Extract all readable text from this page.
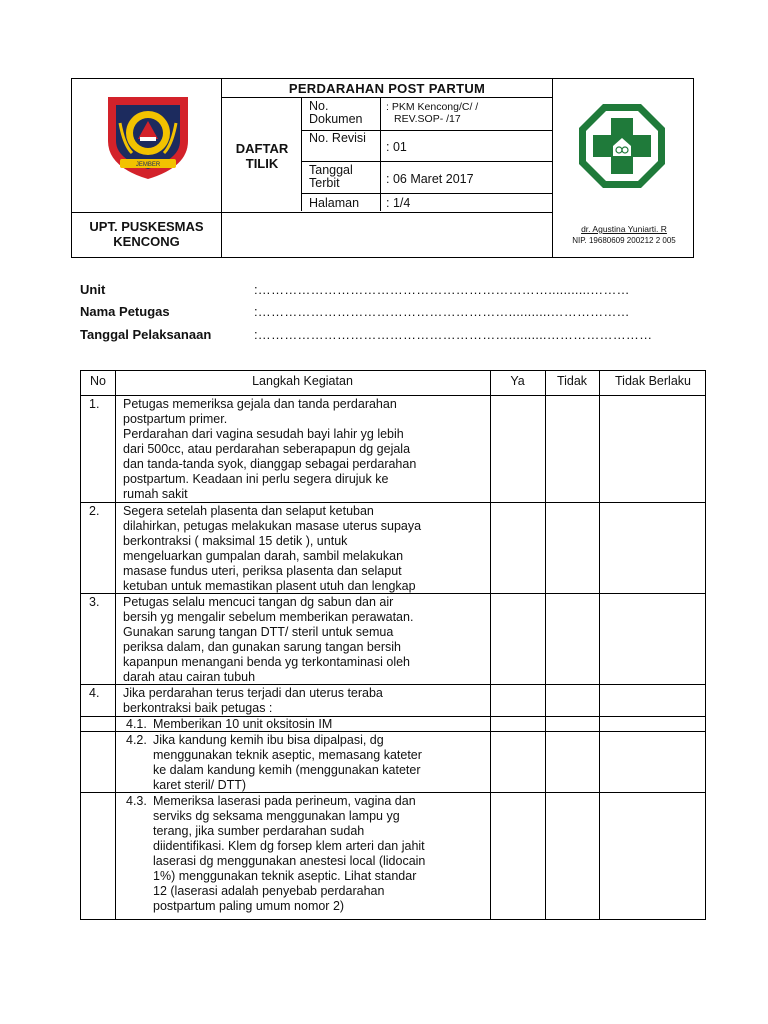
JEMBER
PERDARAHAN POST PARTUM
DAFTAR TILIK
No. Dokumen
: PKM Kencong/C/ /
REV.SOP- /17
No. Revisi
: 01
Tanggal Terbit	: 06 Maret 2017
Halaman : 1/4
UPT. PUSKESMAS KENCONG
dr. Agustina Yuniarti. R
NIP. 19680609 200212 2 005
Unit	:…………………………………………………………...........………
Nama Petugas	:…………………………………………………...........………………
Tanggal Pelaksanaan	:…………………………………………………..........……………………
No	Langkah Kegiatan	Ya	Tidak	Tidak Berlaku
1. Petugas memeriksa gejala dan tanda perdarahan
postpartum primer.
Perdarahan dari vagina sesudah bayi lahir yg lebih
dari 500cc, atau perdarahan seberapapun dg gejala
dan tanda-tanda syok, dianggap sebagai perdarahan
postpartum. Keadaan ini perlu segera dirujuk ke
rumah sakit
2. Segera setelah plasenta dan selaput ketuban
dilahirkan, petugas melakukan masase uterus supaya
berkontraksi ( maksimal 15 detik ), untuk
mengeluarkan gumpalan darah, sambil melakukan
masase fundus uteri, periksa plasenta dan selaput
ketuban untuk memastikan plasent utuh dan lengkap
3. Petugas selalu mencuci tangan dg sabun dan air
bersih yg mengalir sebelum memberikan perawatan.
Gunakan sarung tangan DTT/ steril untuk semua
periksa dalam, dan gunakan sarung tangan bersih
kapanpun menangani benda yg terkontaminasi oleh
darah atau cairan tubuh
4. Jika perdarahan terus terjadi dan uterus teraba
berkontraksi baik petugas :
4.1. Memberikan 10 unit oksitosin IM
4.2. Jika kandung kemih ibu bisa dipalpasi, dg
menggunakan teknik aseptic, memasang kateter
ke dalam kandung kemih (menggunakan kateter
karet steril/ DTT)
4.3. Memeriksa laserasi pada perineum, vagina dan
serviks dg seksama menggunakan lampu yg
terang, jika sumber perdarahan sudah
diidentifikasi. Klem dg forsep klem arteri dan jahit
laserasi dg menggunakan anestesi local (lidocain
1%) menggunakan teknik aseptic. Lihat standar
12 (laserasi adalah penyebab perdarahan
postpartum paling umum nomor 2)
